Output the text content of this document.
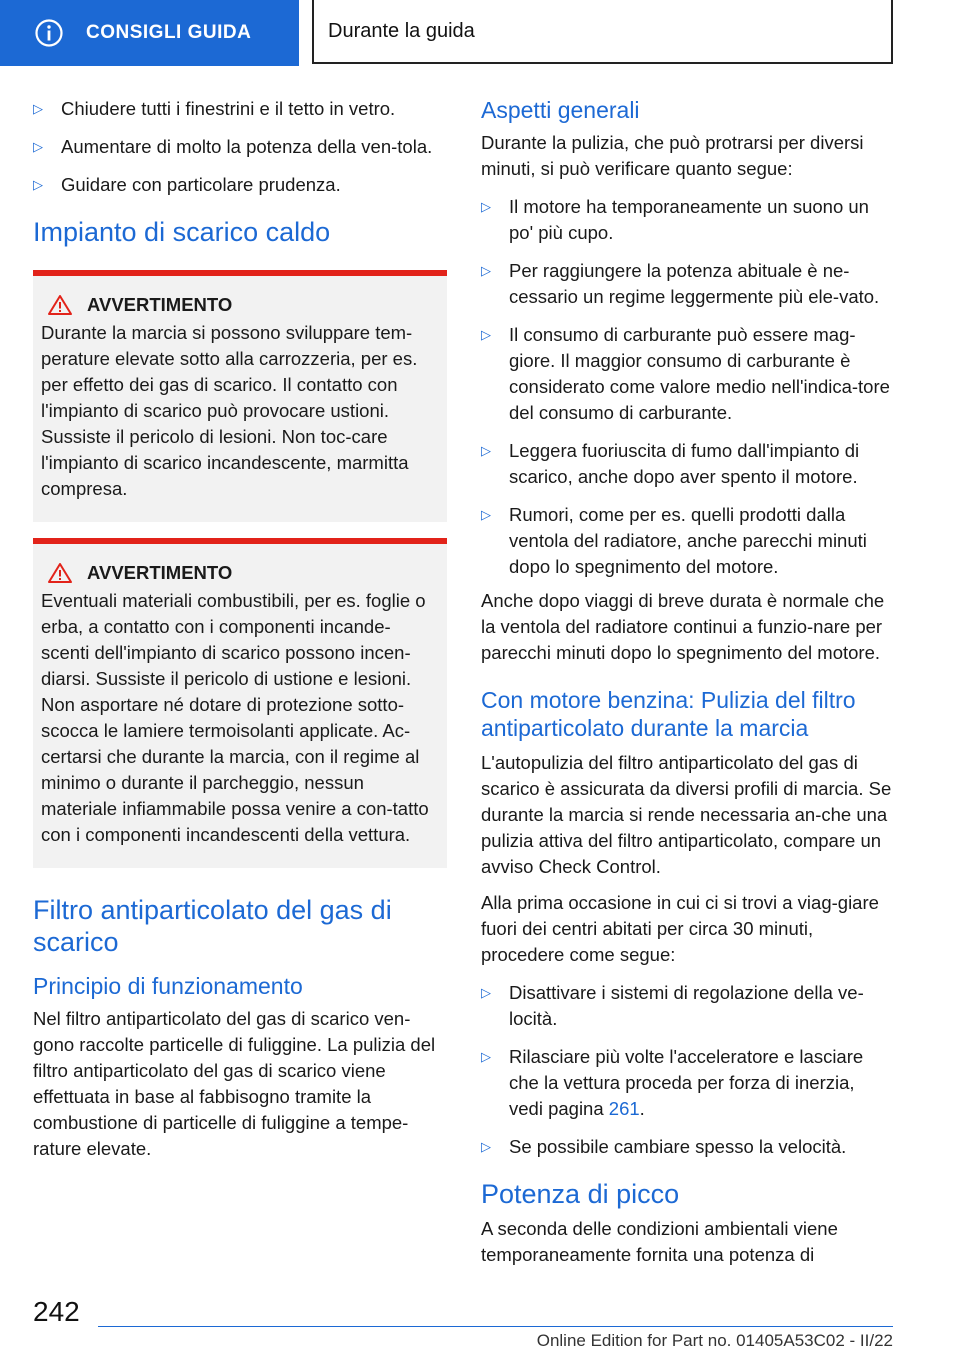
CONSIGLI GUIDA	Durante la guida
▷ Chiudere tutti i finestrini e il tetto in vetro.
▷ Aumentare di molto la potenza della ven-tola.
▷ Guidare con particolare prudenza.
Impianto di scarico caldo
AVVERTIMENTO

Durante la marcia si possono sviluppare tem-perature elevate sotto alla carrozzeria, per es. per effetto dei gas di scarico. Il contatto con l'impianto di scarico può provocare ustioni. Sussiste il pericolo di lesioni. Non toc-care l'impianto di scarico incandescente, marmitta compresa.

AVVERTIMENTO

Eventuali materiali combustibili, per es. foglie o erba, a contatto con i componenti incande-scenti dell'impianto di scarico possono incen-diarsi. Sussiste il pericolo di ustione e lesioni. Non asportare né dotare di protezione sotto-scocca le lamiere termoisolanti applicate. Ac-certarsi che durante la marcia, con il regime al minimo o durante il parcheggio, nessun materiale infiammabile possa venire a con-tatto con i componenti incandescenti della vettura.

Filtro antiparticolato del gas di scarico
Principio di funzionamento

Nel filtro antiparticolato del gas di scarico ven-gono raccolte particelle di fuliggine. La pulizia del filtro antiparticolato del gas di scarico viene effettuata in base al fabbisogno tramite la combustione di particelle di fuliggine a tempe-rature elevate.

Aspetti generali

Durante la pulizia, che può protrarsi per diversi minuti, si può verificare quanto segue:

▷ Il motore ha temporaneamente un suono un po' più cupo.
▷ Per raggiungere la potenza abituale è ne-cessario un regime leggermente più ele-vato.
▷ Il consumo di carburante può essere mag-giore. Il maggior consumo di carburante è considerato come valore medio nell'indica-tore del consumo di carburante.
▷ Leggera fuoriuscita di fumo dall'impianto di scarico, anche dopo aver spento il motore.
▷ Rumori, come per es. quelli prodotti dalla ventola del radiatore, anche parecchi minuti dopo lo spegnimento del motore.

Anche dopo viaggi di breve durata è normale che la ventola del radiatore continui a funzio-nare per parecchi minuti dopo lo spegnimento del motore.

Con motore benzina: Pulizia del filtro antiparticolato durante la marcia

L'autopulizia del filtro antiparticolato del gas di scarico è assicurata da diversi profili di marcia. Se durante la marcia si rende necessaria an-che una pulizia attiva del filtro antiparticolato, compare un avviso Check Control.

Alla prima occasione in cui ci si trovi a viag-giare fuori dei centri abitati per circa 30 minuti, procedere come segue:

▷ Disattivare i sistemi di regolazione della ve-locità.
▷ Rilasciare più volte l'acceleratore e lasciare che la vettura proceda per forza di inerzia, vedi pagina 261.
▷ Se possibile cambiare spesso la velocità.
Potenza di picco

A seconda delle condizioni ambientali viene temporaneamente fornita una potenza di

242
Online Edition for Part no. 01405A53C02 - II/22
